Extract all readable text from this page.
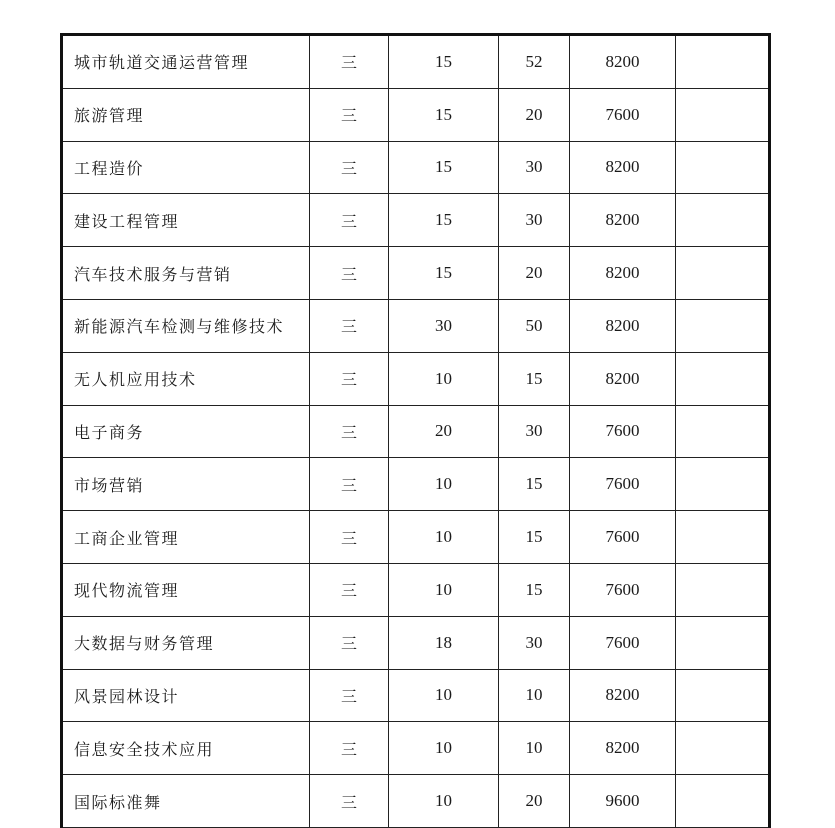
城市轨道交通运营管理	三	15	52	8200	
旅游管理	三	15	20	7600	
工程造价	三	15	30	8200	
建设工程管理	三	15	30	8200	
汽车技术服务与营销	三	15	20	8200	
新能源汽车检测与维修技术	三	30	50	8200	
无人机应用技术	三	10	15	8200	
电子商务	三	20	30	7600	
市场营销	三	10	15	7600	
工商企业管理	三	10	15	7600	
现代物流管理	三	10	15	7600	
大数据与财务管理	三	18	30	7600	
风景园林设计	三	10	10	8200	
信息安全技术应用	三	10	10	8200	
国际标准舞	三	10	20	9600	
